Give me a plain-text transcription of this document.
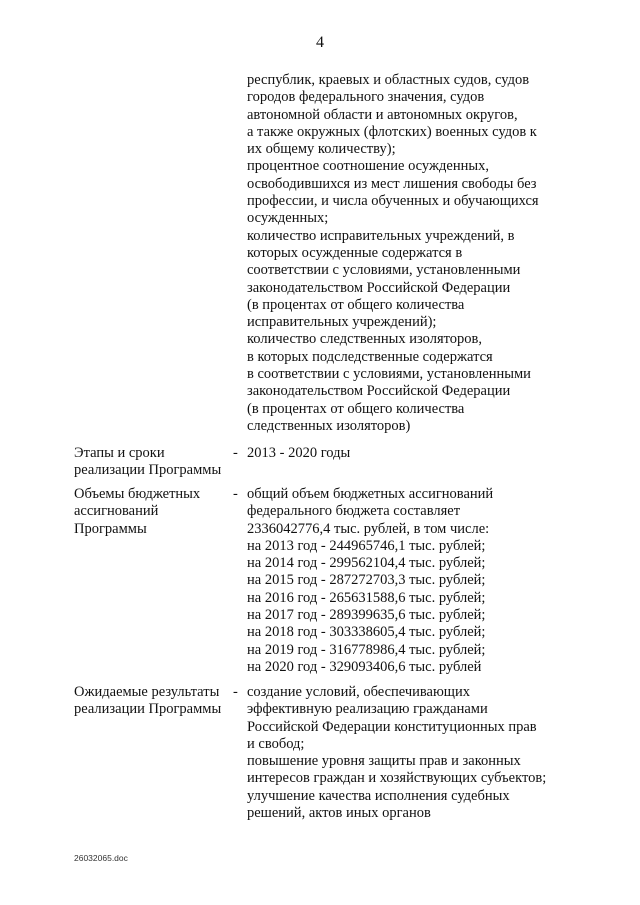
4
республик, краевых и областных судов, судов
городов федерального значения, судов
автономной области и автономных округов,
а также окружных (флотских) военных судов к
их общему количеству);
процентное соотношение осужденных,
освободившихся из мест лишения свободы без
профессии, и числа обученных и обучающихся
осужденных;
количество исправительных учреждений, в
которых осужденные содержатся в
соответствии с условиями, установленными
законодательством Российской Федерации
(в процентах от общего количества
исправительных учреждений);
количество следственных изоляторов,
в которых подследственные содержатся
в соответствии с условиями, установленными
законодательством Российской Федерации
(в процентах от общего количества
следственных изоляторов)
Этапы и сроки
реализации Программы
- 2013 - 2020 годы
Объемы бюджетных
ассигнований
Программы
- общий объем бюджетных ассигнований
федерального бюджета составляет
2336042776,4 тыс. рублей, в том числе:
на 2013 год - 244965746,1 тыс. рублей;
на 2014 год - 299562104,4 тыс. рублей;
на 2015 год - 287272703,3 тыс. рублей;
на 2016 год - 265631588,6 тыс. рублей;
на 2017 год - 289399635,6 тыс. рублей;
на 2018 год - 303338605,4 тыс. рублей;
на 2019 год - 316778986,4 тыс. рублей;
на 2020 год - 329093406,6 тыс. рублей
Ожидаемые результаты
реализации Программы
- создание условий, обеспечивающих
эффективную реализацию гражданами
Российской Федерации конституционных прав
и свобод;
повышение уровня защиты прав и законных
интересов граждан и хозяйствующих субъектов;
улучшение качества исполнения судебных
решений, актов иных органов
26032065.doc
